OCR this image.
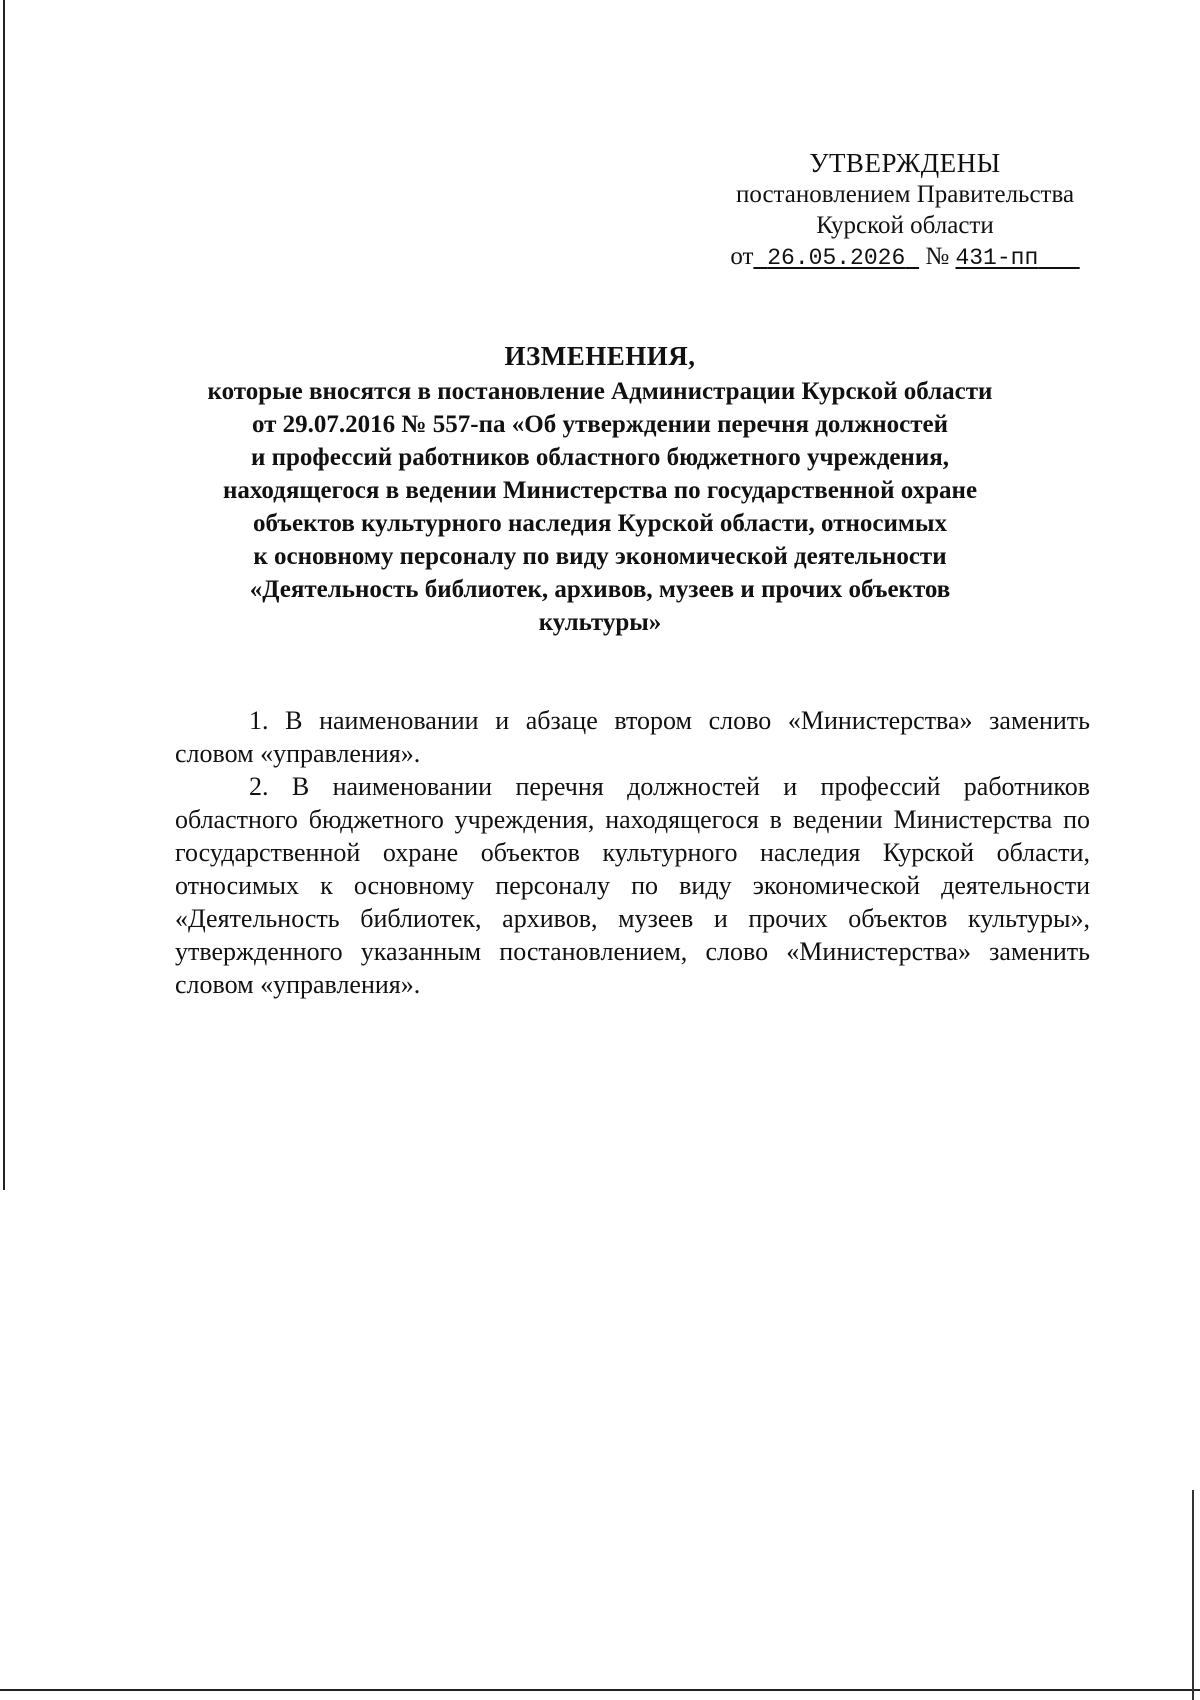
УТВЕРЖДЕНЫ
постановлением Правительства
Курской области
от 26.05.2026 № 431-пп
ИЗМЕНЕНИЯ,
которые вносятся в постановление Администрации Курской области
от 29.07.2016 № 557-па «Об утверждении перечня должностей
и профессий работников областного бюджетного учреждения,
находящегося в ведении Министерства по государственной охране
объектов культурного наследия Курской области, относимых
к основному персоналу по виду экономической деятельности
«Деятельность библиотек, архивов, музеев и прочих объектов
культуры»

1. В наименовании и абзаце втором слово «Министерства» заменить словом «управления».

2. В наименовании перечня должностей и профессий работников областного бюджетного учреждения, находящегося в ведении Министерства по государственной охране объектов культурного наследия Курской области, относимых к основному персоналу по виду экономической деятельности «Деятельность библиотек, архивов, музеев и прочих объектов культуры», утвержденного указанным постановлением, слово «Министерства» заменить словом «управления».
